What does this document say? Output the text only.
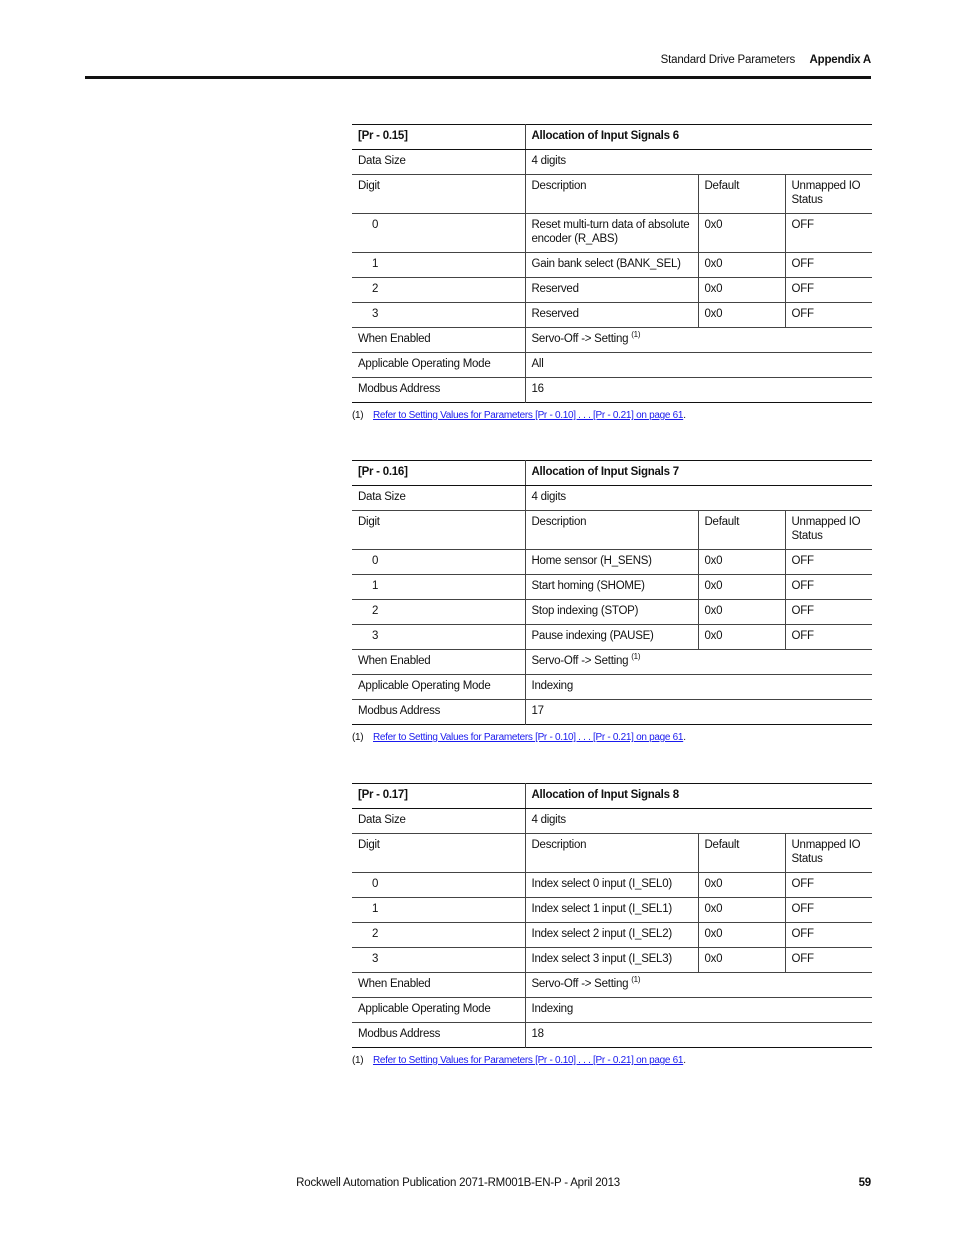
Standard Drive Parameters Appendix A
[Pr - 0.15]	Allocation of Input Signals 6		
Data Size	4 digits		
Digit	Description	Default	Unmapped IO Status
0	Reset multi-turn data of absolute encoder (R_ABS)	0x0	OFF
1	Gain bank select (BANK_SEL)	0x0	OFF
2	Reserved	0x0	OFF
3	Reserved	0x0	OFF
When Enabled	Servo-Off -> Setting $^{(1)}$
Applicable Operating Mode	All		
Modbus Address	16		
(1) Refer to Setting Values for Parameters [Pr - 0.10] . . . [Pr - 0.21] on page 61.
[Pr - 0.16]	Allocation of Input Signals 7		
Data Size	4 digits		
Digit	Description	Default	Unmapped IO Status
0	Home sensor (H_SENS)	0x0	OFF
1	Start homing (SHOME)	0x0	OFF
2	Stop indexing (STOP)	0x0	OFF
3	Pause indexing (PAUSE)	0x0	OFF
When Enabled	Servo-Off -> Setting $^{(1)}$
Applicable Operating Mode	Indexing		
Modbus Address	17		
(1) Refer to Setting Values for Parameters [Pr - 0.10] . . . [Pr - 0.21] on page 61.
[Pr - 0.17]	Allocation of Input Signals 8		
Data Size	4 digits		
Digit	Description	Default	Unmapped IO Status
0	Index select 0 input (I_SEL0)	0x0	OFF
1	Index select 1 input (I_SEL1)	0x0	OFF
2	Index select 2 input (I_SEL2)	0x0	OFF
3	Index select 3 input (I_SEL3)	0x0	OFF
When Enabled	Servo-Off -> Setting $^{(1)}$
Applicable Operating Mode	Indexing		
Modbus Address	18		
(1) Refer to Setting Values for Parameters [Pr - 0.10] . . . [Pr - 0.21] on page 61.
Rockwell Automation Publication 2071-RM001B-EN-P - April 2013	59
